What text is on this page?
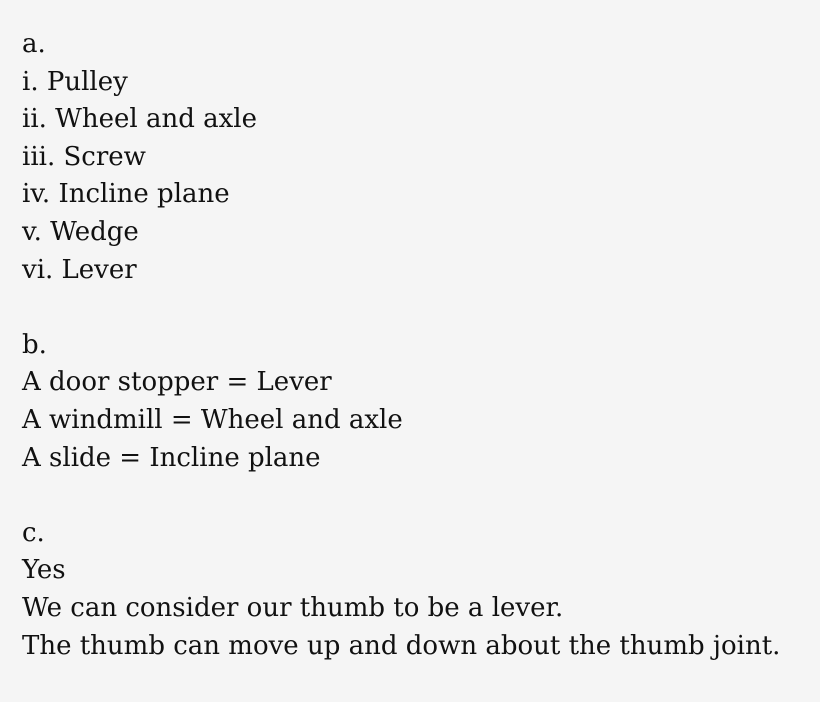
a.
i. Pulley
ii. Wheel and axle
iii. Screw
iv. Incline plane
v. Wedge
vi. Lever
b.
A door stopper = Lever
A windmill = Wheel and axle
A slide = Incline plane
c.
Yes
We can consider our thumb to be a lever.
The thumb can move up and down about the thumb joint.
